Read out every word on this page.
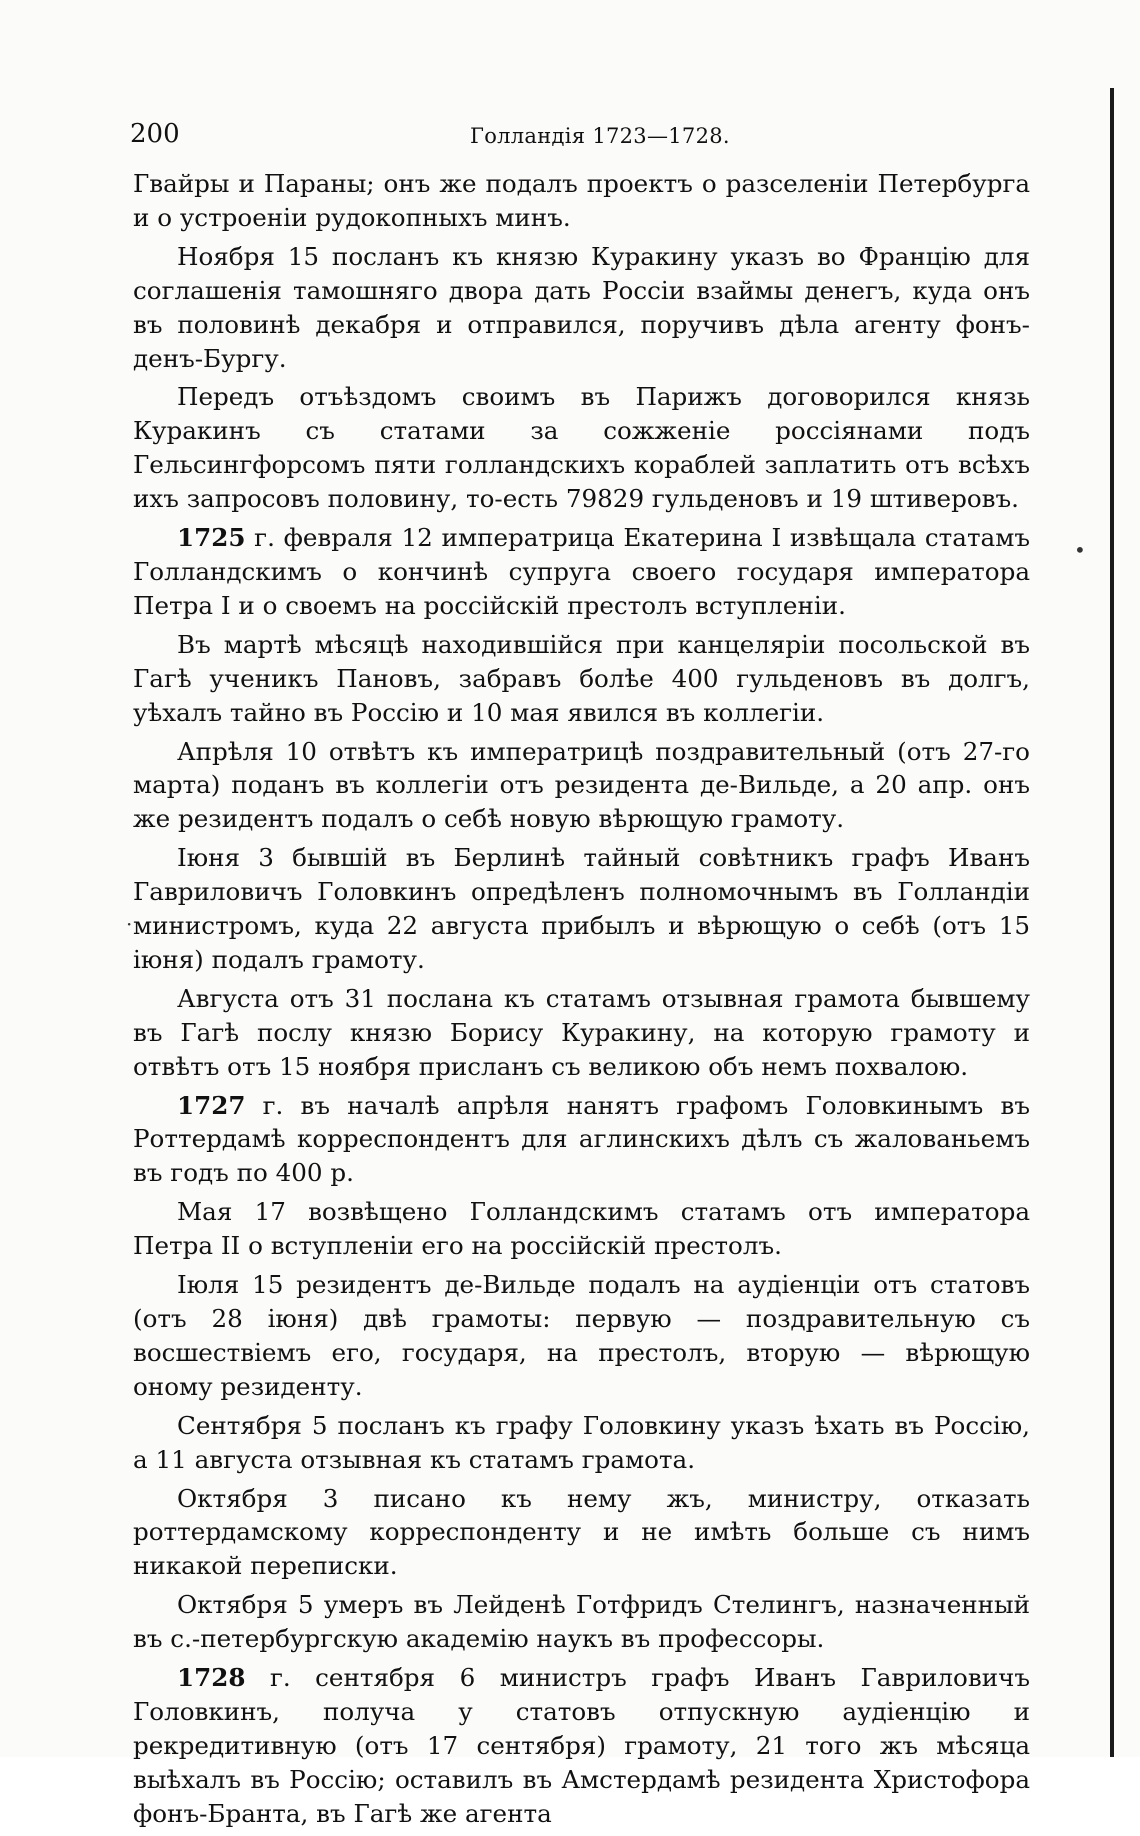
200	Голландія 1723—1728.

Гвайры и Параны; онъ же подалъ проектъ о разселеніи Петербурга и о устроеніи рудокопныхъ минъ.

Ноября 15 посланъ къ князю Куракину указъ во Францію для соглашенія тамошняго двора дать Россіи взаймы денегъ, куда онъ въ половинѣ декабря и отправился, поручивъ дѣла агенту фонъ-денъ-Бургу.

Передъ отъѣздомъ своимъ въ Парижъ договорился князь Куракинъ съ статами за сожженіе россіянами подъ Гельсингфорсомъ пяти голландскихъ кораблей заплатить отъ всѣхъ ихъ запросовъ половину, то-есть 79829 гульденовъ и 19 штиверовъ.

1725 г. февраля 12 императрица Екатерина I извѣщала статамъ Голландскимъ о кончинѣ супруга своего государя императора Петра I и о своемъ на россійскій престолъ вступленіи.

Въ мартѣ мѣсяцѣ находившійся при канцеляріи посольской въ Гагѣ ученикъ Пановъ, забравъ болѣе 400 гульденовъ въ долгъ, уѣхалъ тайно въ Россію и 10 мая явился въ коллегіи.

Апрѣля 10 отвѣтъ къ императрицѣ поздравительный (отъ 27-го марта) поданъ въ коллегіи отъ резидента де-Вильде, а 20 апр. онъ же резидентъ подалъ о себѣ новую вѣрющую грамоту.

Іюня 3 бывшій въ Берлинѣ тайный совѣтникъ графъ Иванъ Гавриловичъ Головкинъ опредѣленъ полномочнымъ въ Голландіи министромъ, куда 22 августа прибылъ и вѣрющую о себѣ (отъ 15 іюня) подалъ грамоту.

Августа отъ 31 послана къ статамъ отзывная грамота бывшему въ Гагѣ послу князю Борису Куракину, на которую грамоту и отвѣтъ отъ 15 ноября присланъ съ великою объ немъ похвалою.

1727 г. въ началѣ апрѣля нанятъ графомъ Головкинымъ въ Роттердамѣ корреспондентъ для аглинскихъ дѣлъ съ жалованьемъ въ годъ по 400 р.

Мая 17 возвѣщено Голландскимъ статамъ отъ императора Петра II о вступленіи его на россійскій престолъ.

Іюля 15 резидентъ де-Вильде подалъ на аудіенціи отъ статовъ (отъ 28 іюня) двѣ грамоты: первую — поздравительную съ восшествіемъ его, государя, на престолъ, вторую — вѣрющую оному резиденту.

Сентября 5 посланъ къ графу Головкину указъ ѣхать въ Россію, а 11 августа отзывная къ статамъ грамота.

Октября 3 писано къ нему жъ, министру, отказать роттердамскому корреспонденту и не имѣть больше съ нимъ никакой переписки.

Октября 5 умеръ въ Лейденѣ Готфридъ Стелингъ, назначенный въ с.-петербургскую академію наукъ въ профессоры.

1728 г. сентября 6 министръ графъ Иванъ Гавриловичъ Головкинъ, получа у статовъ отпускную аудіенцію и рекредитивную (отъ 17 сентября) грамоту, 21 того жъ мѣсяца выѣхалъ въ Россію; оставилъ въ Амстердамѣ резидента Христофора фонъ-Бранта, въ Гагѣ же агента

·
•
